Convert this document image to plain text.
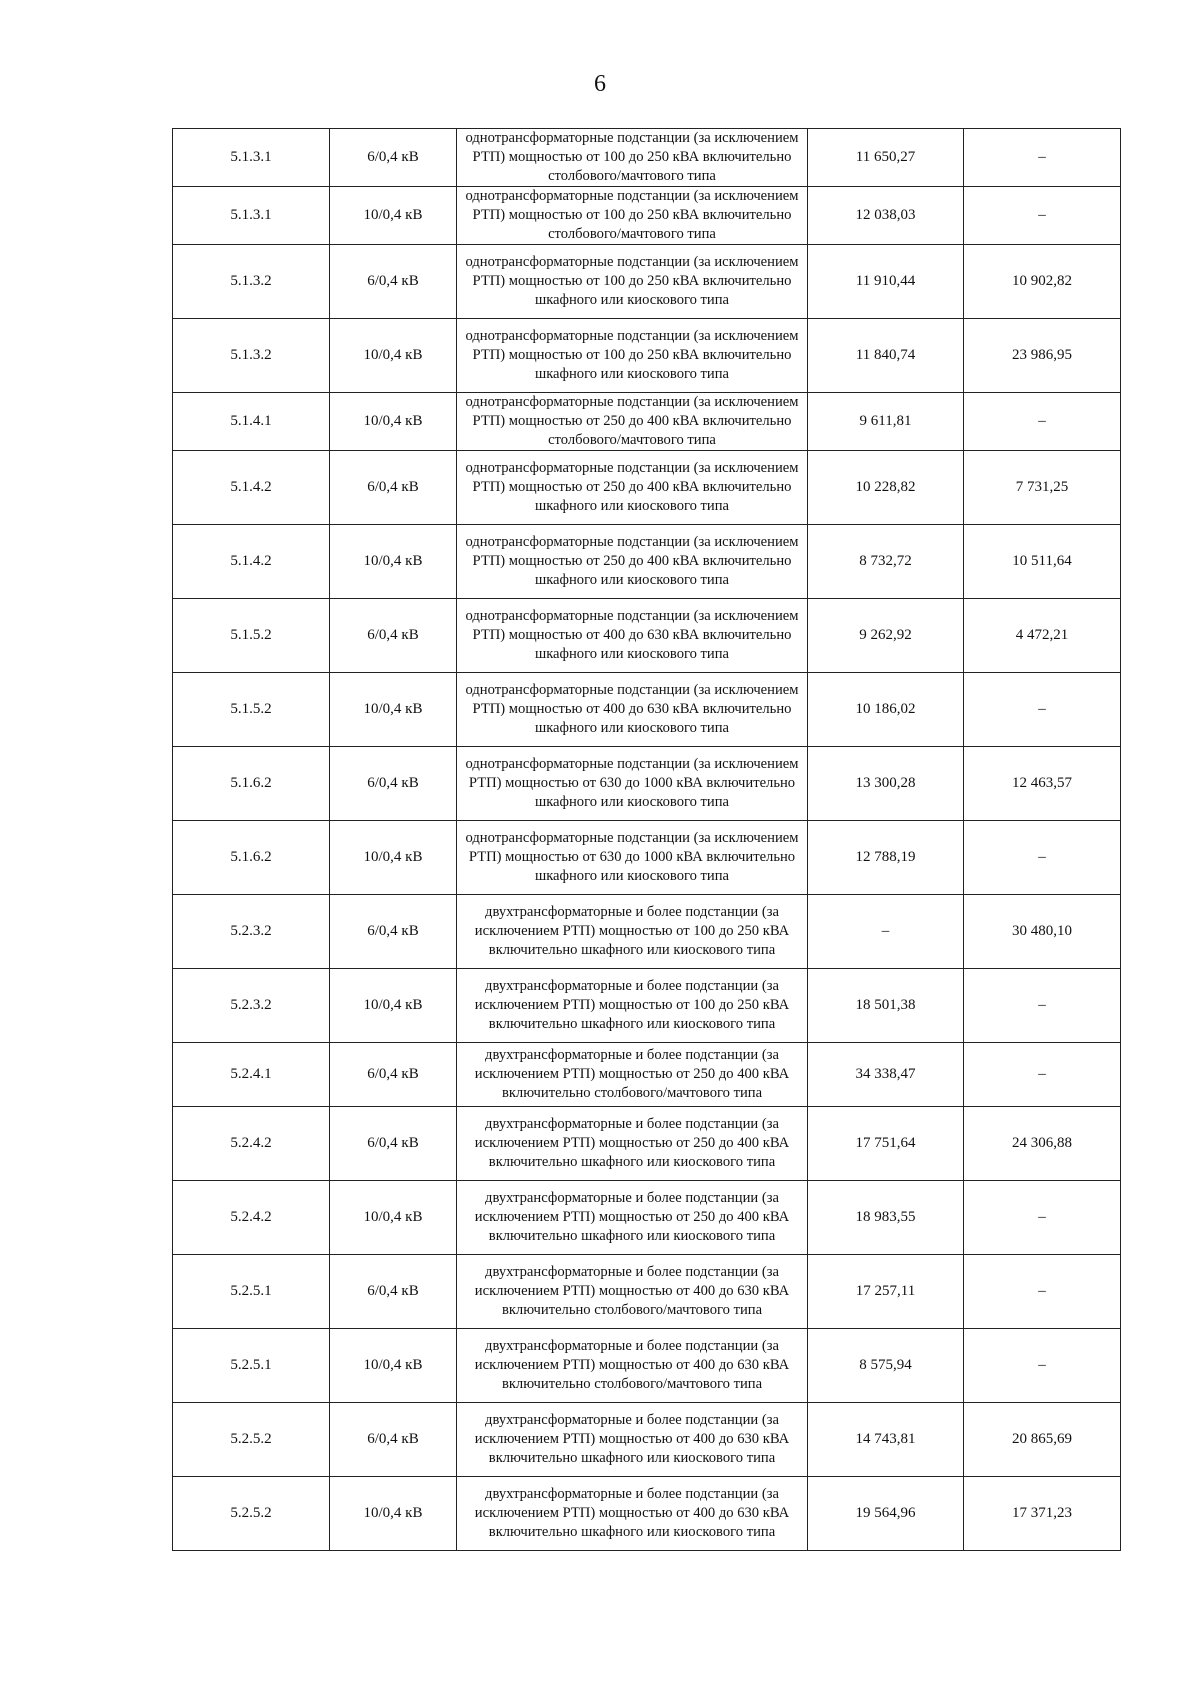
6
5.1.3.1	6/0,4 кВ	однотрансформаторные подстанции (за исключением РТП) мощностью от 100 до 250 кВА включительно столбового/мачтового типа	11 650,27	–
5.1.3.1	10/0,4 кВ	однотрансформаторные подстанции (за исключением РТП) мощностью от 100 до 250 кВА включительно столбового/мачтового типа	12 038,03	–
5.1.3.2	6/0,4 кВ	однотрансформаторные подстанции (за исключением РТП) мощностью от 100 до 250 кВА включительно шкафного или киоскового типа	11 910,44	10 902,82
5.1.3.2	10/0,4 кВ	однотрансформаторные подстанции (за исключением РТП) мощностью от 100 до 250 кВА включительно шкафного или киоскового типа	11 840,74	23 986,95
5.1.4.1	10/0,4 кВ	однотрансформаторные подстанции (за исключением РТП) мощностью от 250 до 400 кВА включительно столбового/мачтового типа	9 611,81	–
5.1.4.2	6/0,4 кВ	однотрансформаторные подстанции (за исключением РТП) мощностью от 250 до 400 кВА включительно шкафного или киоскового типа	10 228,82	7 731,25
5.1.4.2	10/0,4 кВ	однотрансформаторные подстанции (за исключением РТП) мощностью от 250 до 400 кВА включительно шкафного или киоскового типа	8 732,72	10 511,64
5.1.5.2	6/0,4 кВ	однотрансформаторные подстанции (за исключением РТП) мощностью от 400 до 630 кВА включительно шкафного или киоскового типа	9 262,92	4 472,21
5.1.5.2	10/0,4 кВ	однотрансформаторные подстанции (за исключением РТП) мощностью от 400 до 630 кВА включительно шкафного или киоскового типа	10 186,02	–
5.1.6.2	6/0,4 кВ	однотрансформаторные подстанции (за исключением РТП) мощностью от 630 до 1000 кВА включительно шкафного или киоскового типа	13 300,28	12 463,57
5.1.6.2	10/0,4 кВ	однотрансформаторные подстанции (за исключением РТП) мощностью от 630 до 1000 кВА включительно шкафного или киоскового типа	12 788,19	–
5.2.3.2	6/0,4 кВ	двухтрансформаторные и более подстанции (за исключением РТП) мощностью от 100 до 250 кВА включительно шкафного или киоскового типа	–	30 480,10
5.2.3.2	10/0,4 кВ	двухтрансформаторные и более подстанции (за исключением РТП) мощностью от 100 до 250 кВА включительно шкафного или киоскового типа	18 501,38	–
5.2.4.1	6/0,4 кВ	двухтрансформаторные и более подстанции (за исключением РТП) мощностью от 250 до 400 кВА включительно столбового/мачтового типа	34 338,47	–
5.2.4.2	6/0,4 кВ	двухтрансформаторные и более подстанции (за исключением РТП) мощностью от 250 до 400 кВА включительно шкафного или киоскового типа	17 751,64	24 306,88
5.2.4.2	10/0,4 кВ	двухтрансформаторные и более подстанции (за исключением РТП) мощностью от 250 до 400 кВА включительно шкафного или киоскового типа	18 983,55	–
5.2.5.1	6/0,4 кВ	двухтрансформаторные и более подстанции (за исключением РТП) мощностью от 400 до 630 кВА включительно столбового/мачтового типа	17 257,11	–
5.2.5.1	10/0,4 кВ	двухтрансформаторные и более подстанции (за исключением РТП) мощностью от 400 до 630 кВА включительно столбового/мачтового типа	8 575,94	–
5.2.5.2	6/0,4 кВ	двухтрансформаторные и более подстанции (за исключением РТП) мощностью от 400 до 630 кВА включительно шкафного или киоскового типа	14 743,81	20 865,69
5.2.5.2	10/0,4 кВ	двухтрансформаторные и более подстанции (за исключением РТП) мощностью от 400 до 630 кВА включительно шкафного или киоскового типа	19 564,96	17 371,23
